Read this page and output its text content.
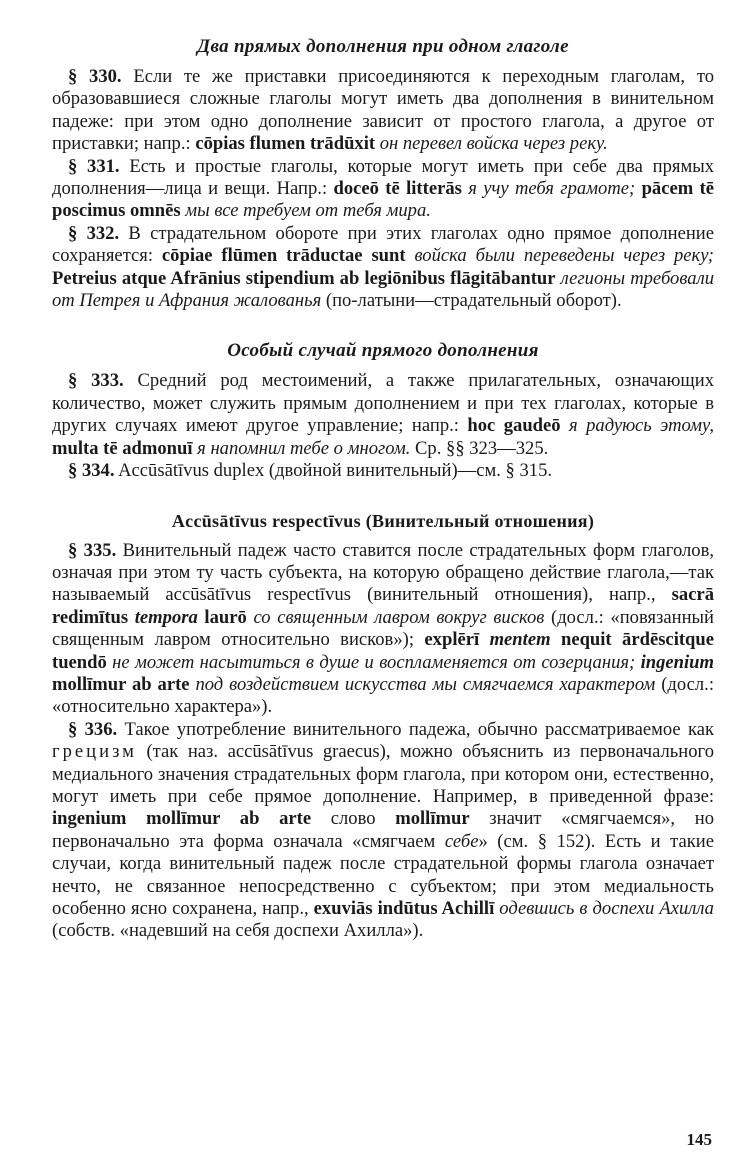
Два прямых дополнения при одном глаголе

§ 330. Если те же приставки присоединяются к переходным глаголам, то образовавшиеся сложные глаголы могут иметь два дополнения в винительном падеже: при этом одно дополнение зависит от простого глагола, а другое от приставки; напр.: cōpias flumen trādūxit он перевел войска через реку.

§ 331. Есть и простые глаголы, которые могут иметь при себе два прямых дополнения—лица и вещи. Напр.: doceō tē litterās я учу тебя грамоте; pācem tē poscimus omnēs мы все требуем от тебя мира.

§ 332. В страдательном обороте при этих глаголах одно прямое дополнение сохраняется: cōpiae flūmen trāductae sunt войска были переведены через реку; Petreius atque Afrānius stipendium ab legiōnibus flāgitābantur легионы требовали от Петрея и Афрания жалованья (по-латыни—страдательный оборот).

Особый случай прямого дополнения

§ 333. Средний род местоимений, а также прилагательных, означающих количество, может служить прямым дополнением и при тех глаголах, которые в других случаях имеют другое управление; напр.: hoc gaudeō я радуюсь этому, multa tē admonuī я напомнил тебе о многом. Ср. §§ 323—325.

§ 334. Accūsātīvus duplex (двойной винительный)—см. § 315.

Accūsātīvus respectīvus (Винительный отношения)

§ 335. Винительный падеж часто ставится после страдательных форм глаголов, означая при этом ту часть субъекта, на которую обращено действие глагола,—так называемый accūsātīvus respectīvus (винительный отношения), напр., sacrā redimītus tempora laurō со священным лавром вокруг висков (досл.: «повязанный священным лавром относительно висков»); explērī mentem nequit ārdēscitque tuendō не может насытиться в душе и воспламеняется от созерцания; ingenium mollīmur ab arte под воздействием искусства мы смягчаемся характером (досл.: «относительно характера»).

§ 336. Такое употребление винительного падежа, обычно рассматриваемое как грецизм (так наз. accūsātīvus graecus), можно объяснить из первоначального медиального значения страдательных форм глагола, при котором они, естественно, могут иметь при себе прямое дополнение. Например, в приведенной фразе: ingenium mollīmur ab arte слово mollīmur значит «смягчаемся», но первоначально эта форма означала «смягчаем себе» (см. § 152). Есть и такие случаи, когда винительный падеж после страдательной формы глагола означает нечто, не связанное непосредственно с субъектом; при этом медиальность особенно ясно сохранена, напр., exuviās indūtus Achillī одевшись в доспехи Ахилла (собств. «надевший на себя доспехи Ахилла»).

145
